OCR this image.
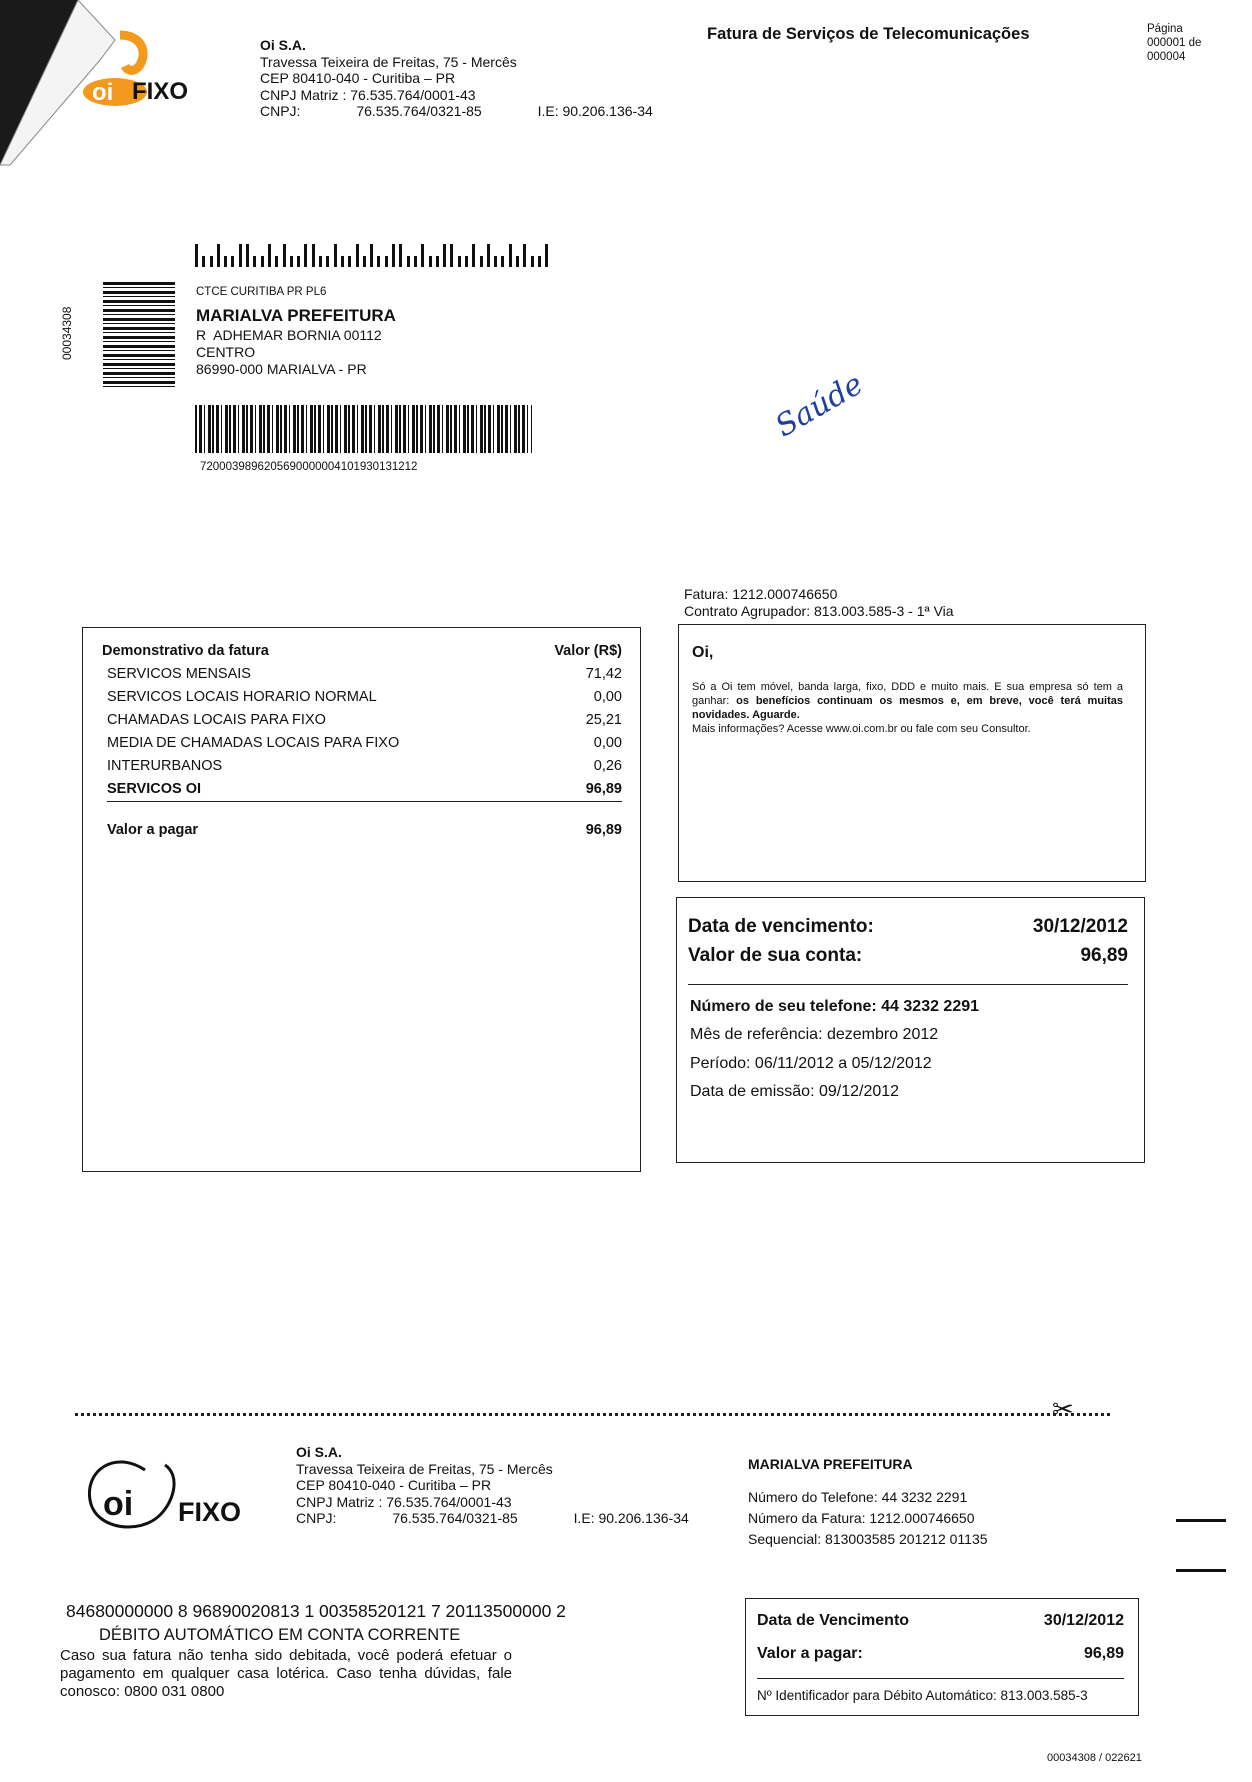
oi FIXO
Oi S.A.
Travessa Teixeira de Freitas, 75 - Mercês
CEP 80410-040 - Curitiba – PR
CNPJ Matriz : 76.535.764/0001-43
CNPJ:	76.535.764/0321-85	I.E: 90.206.136-34
Fatura de Serviços de Telecomunicações	Página
000001 de
000004
00034308
CTCE CURITIBA PR PL6
MARIALVA PREFEITURA
R  ADHEMAR BORNIA 00112
CENTRO
86990-000 MARIALVA - PR
7200039896205690000004101930131212
Saúde
Fatura: 1212.000746650
Contrato Agrupador: 813.003.585-3 - 1ª Via
Demonstrativo da fatura	Valor (R$)
SERVICOS MENSAIS	71,42
SERVICOS LOCAIS HORARIO NORMAL	0,00
CHAMADAS LOCAIS PARA FIXO	25,21
MEDIA DE CHAMADAS LOCAIS PARA FIXO	0,00
INTERURBANOS	0,26
SERVICOS OI	96,89
Valor a pagar	96,89
Oi,
Só a Oi tem móvel, banda larga, fixo, DDD e muito mais. E sua empresa só tem a ganhar: os benefícios continuam os mesmos e, em breve, você terá muitas novidades. Aguarde.
Mais informações? Acesse www.oi.com.br ou fale com seu Consultor.
Data de vencimento:	30/12/2012
Valor de sua conta:	96,89
Número de seu telefone: 44 3232 2291
Mês de referência: dezembro 2012
Período: 06/11/2012 a 05/12/2012
Data de emissão: 09/12/2012
✂
oi FIXO
Oi S.A.
Travessa Teixeira de Freitas, 75 - Mercês
CEP 80410-040 - Curitiba – PR
CNPJ Matriz : 76.535.764/0001-43
CNPJ:	76.535.764/0321-85	I.E: 90.206.136-34
MARIALVA PREFEITURA
Número do Telefone: 44 3232 2291
Número da Fatura: 1212.000746650
Sequencial: 813003585 201212 01135
84680000000 8 96890020813 1 00358520121 7 20113500000 2
DÉBITO AUTOMÁTICO EM CONTA CORRENTE
Caso sua fatura não tenha sido debitada, você poderá efetuar o pagamento em qualquer casa lotérica. Caso tenha dúvidas, fale conosco: 0800 031 0800
Data de Vencimento	30/12/2012
Valor a pagar:	96,89
Nº Identificador para Débito Automático: 813.003.585-3
00034308 / 022621
